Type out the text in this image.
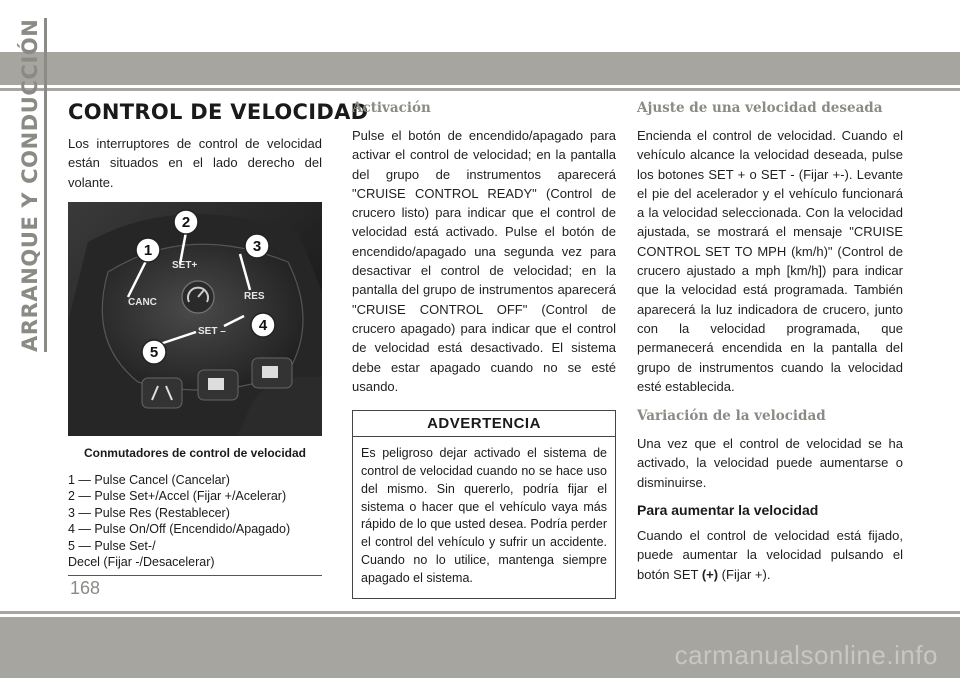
ARRANQUE Y CONDUCCIÓN CONTROL DE VELOCIDAD

Los interruptores de control de velocidad están situados en el lado derecho del volante.

CANC
SET+
RES
SET –
1
2
3
4
5
Conmutadores de control de velocidad
1 — Pulse Cancel (Cancelar)
2 — Pulse Set+/Accel (Fijar +/Acelerar)
3 — Pulse Res (Restablecer)
4 — Pulse On/Off (Encendido/Apagado)
5 — Pulse Set-/
Decel (Fijar -/Desacelerar)
Activación

Pulse el botón de encendido/apagado para activar el control de velocidad; en la pantalla del grupo de instrumentos aparecerá "CRUISE CONTROL READY" (Control de crucero listo) para indicar que el control de velocidad está activado. Pulse el botón de encendido/apagado una segunda vez para desactivar el control de velocidad; en la pantalla del grupo de instrumentos aparecerá "CRUISE CONTROL OFF" (Control de crucero apagado) para indicar que el control de velocidad está desactivado. El sistema debe estar apagado cuando no se esté usando.

ADVERTENCIA
Es peligroso dejar activado el sistema de control de velocidad cuando no se hace uso del mismo. Sin quererlo, podría fijar el sistema o hacer que el vehículo vaya más rápido de lo que usted desea. Podría perder el control del vehículo y sufrir un accidente. Cuando no lo utilice, mantenga siempre apagado el sistema.
Ajuste de una velocidad deseada

Encienda el control de velocidad. Cuando el vehículo alcance la velocidad deseada, pulse los botones SET + o SET - (Fijar +-). Levante el pie del acelerador y el vehículo funcionará a la velocidad seleccionada. Con la velocidad ajustada, se mostrará el mensaje "CRUISE CONTROL SET TO MPH (km/h)" (Control de crucero ajustado a mph [km/h]) para indicar que la velocidad está programada. También aparecerá la luz indicadora de crucero, junto con la velocidad programada, que permanecerá encendida en la pantalla del grupo de instrumentos cuando la velocidad esté establecida.

Variación de la velocidad

Una vez que el control de velocidad se ha activado, la velocidad puede aumentarse o disminuirse.

Para aumentar la velocidad

Cuando el control de velocidad está fijado, puede aumentar la velocidad pulsando el botón SET (+) (Fijar +).

168
carmanualsonline.info
